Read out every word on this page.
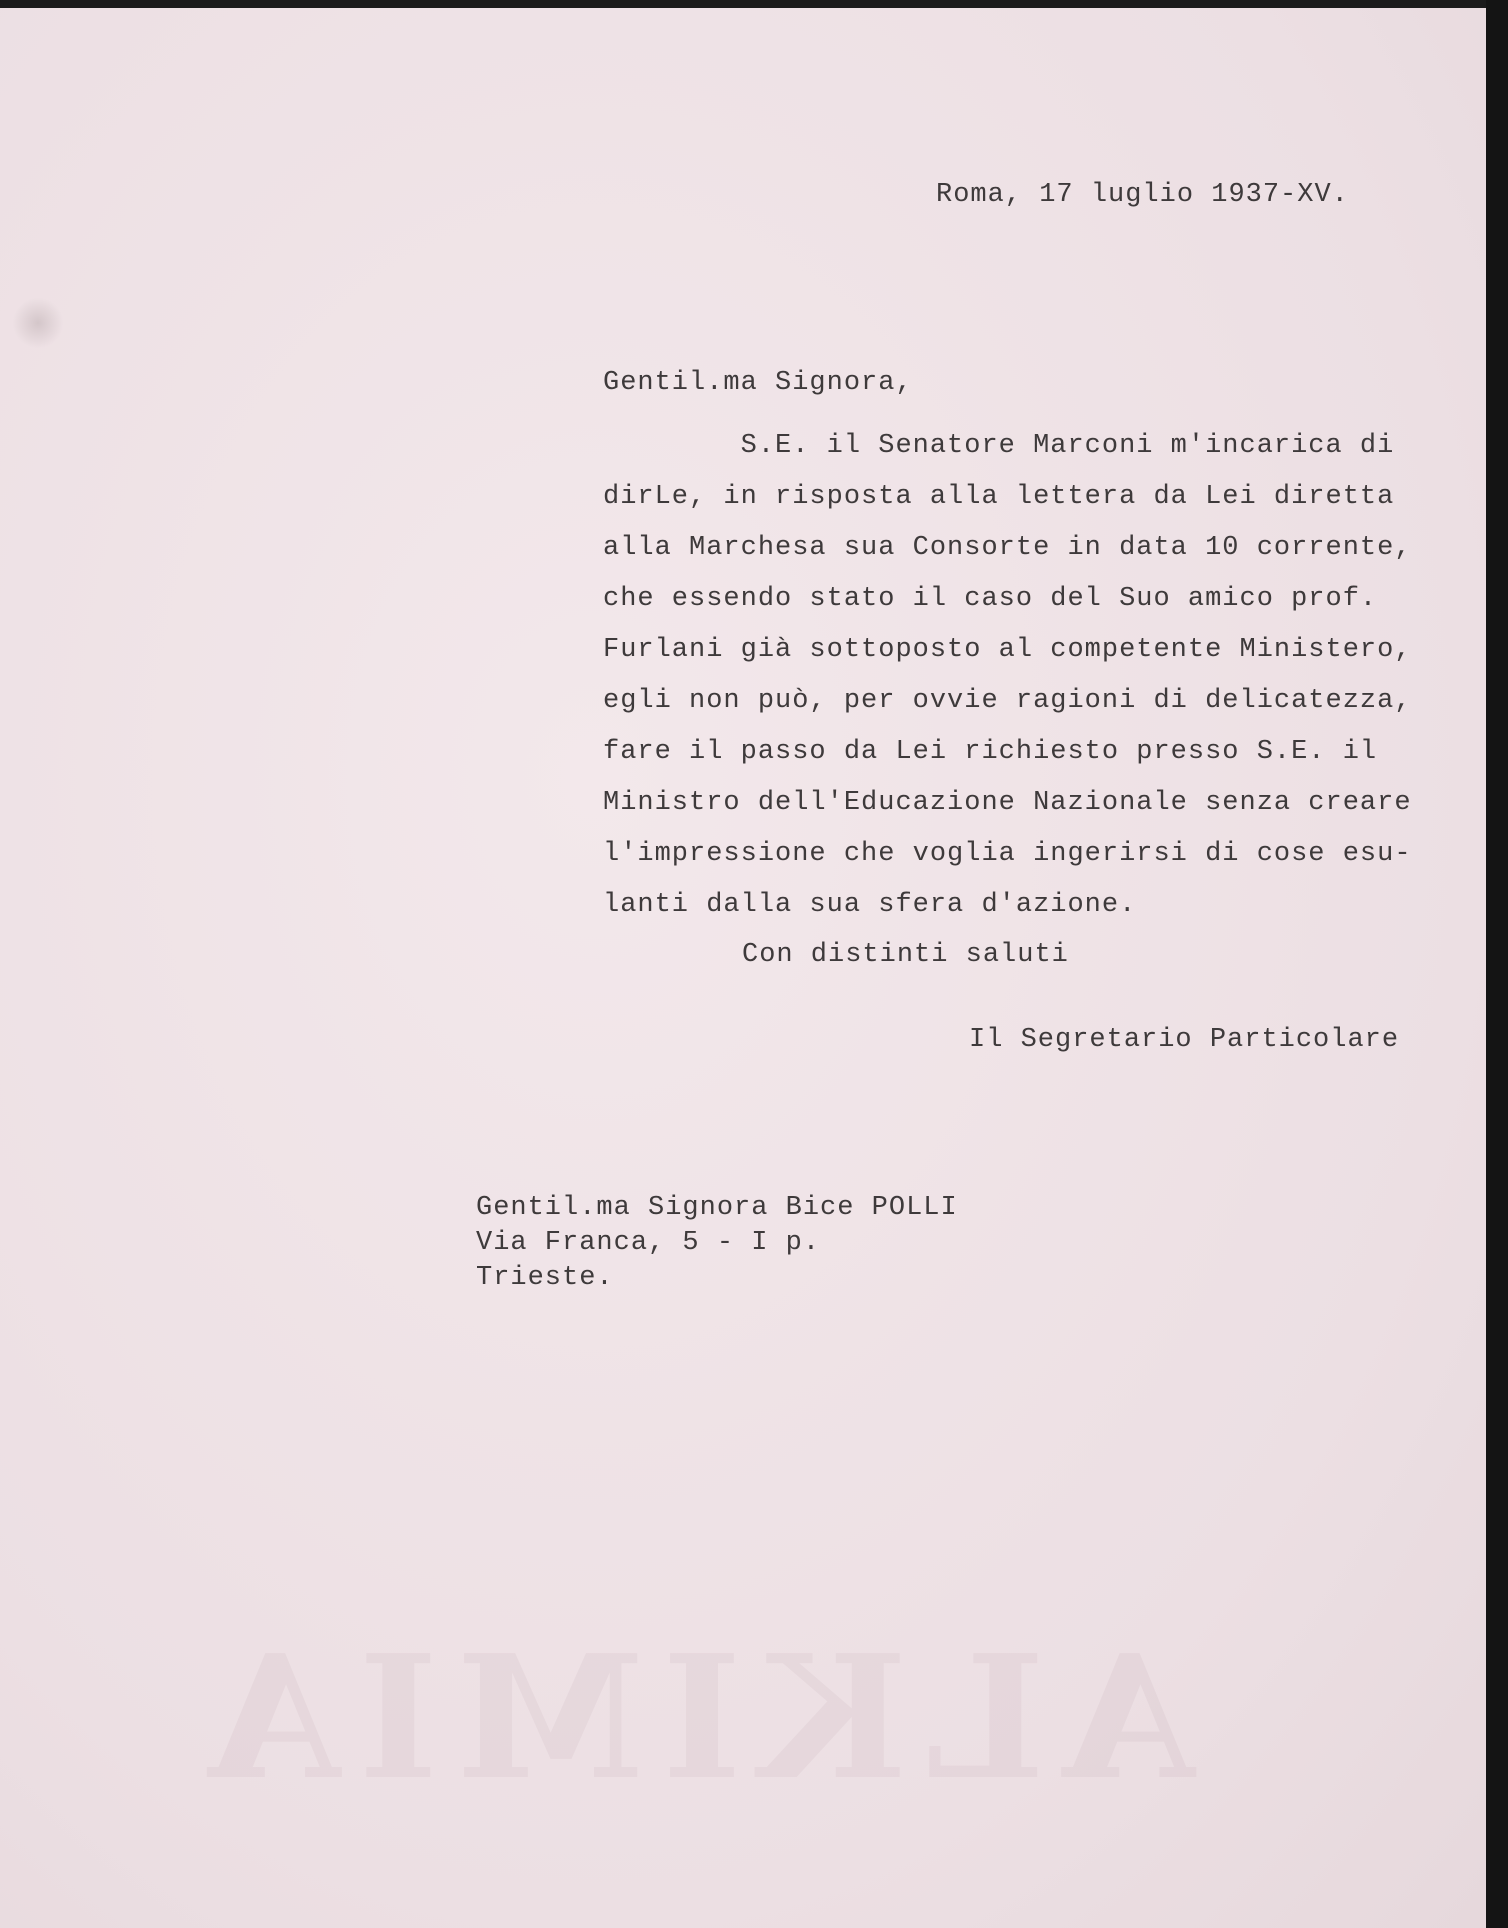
Roma, 17 luglio 1937-XV.

Gentil.ma Signora,

S.E. il Senatore Marconi m'incarica di

dirLe, in risposta alla lettera da Lei diretta

alla Marchesa sua Consorte in data 10 corrente,

che essendo stato il caso del Suo amico prof.

Furlani già sottoposto al competente Ministero,

egli non può, per ovvie ragioni di delicatezza,

fare il passo da Lei richiesto presso S.E. il

Ministro dell'Educazione Nazionale senza creare

l'impressione che voglia ingerirsi di cose esu-

lanti dalla sua sfera d'azione.

Con distinti saluti

Il Segretario Particolare

Gentil.ma Signora Bice POLLI

Via Franca, 5 - I p.

Trieste.

ALKIMIA
